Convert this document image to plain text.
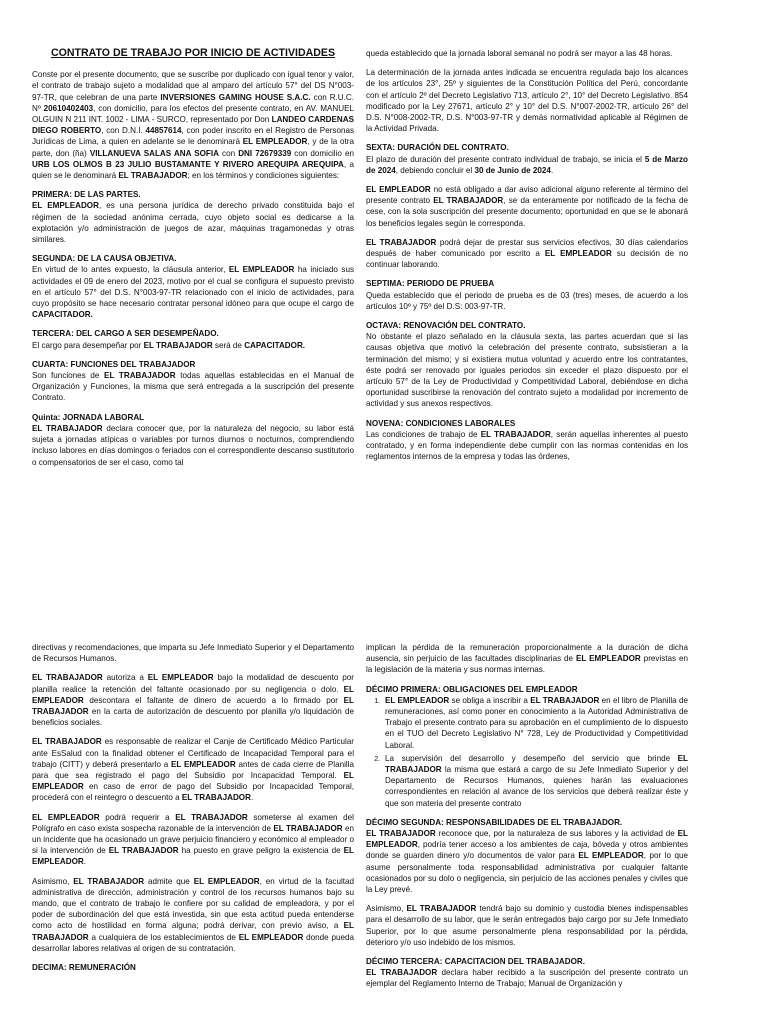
CONTRATO DE TRABAJO POR INICIO DE ACTIVIDADES

Conste por el presente documento, que se suscribe por duplicado con igual tenor y valor, el contrato de trabajo sujeto a modalidad que al amparo del artículo 57° del DS N°003-97-TR, que celebran de una parte INVERSIONES GAMING HOUSE S.A.C. con R.U.C. Nº 20610402403, con domicilio, para los efectos del presente contrato, en AV. MANUEL OLGUIN N 211 INT. 1002 - LIMA - SURCO, representado por Don LANDEO CARDENAS DIEGO ROBERTO, con D.N.I. 44857614, con poder inscrito en el Registro de Personas Jurídicas de Lima, a quien en adelante se le denominará EL EMPLEADOR, y de la otra parte, don (ña) VILLANUEVA SALAS ANA SOFIA con DNI 72679339 con domicilio en URB LOS OLMOS B 23 JULIO BUSTAMANTE Y RIVERO AREQUIPA AREQUIPA, a quien se le denominará EL TRABAJADOR; en los términos y condiciones siguientes:

PRIMERA: DE LAS PARTES.

EL EMPLEADOR, es una persona jurídica de derecho privado constituida bajo el régimen de la sociedad anónima cerrada, cuyo objeto social es dedicarse a la explotación y/o administración de juegos de azar, máquinas tragamonedas y otras similares.

SEGUNDA: DE LA CAUSA OBJETIVA.

En virtud de lo antes expuesto, la cláusula anterior, EL EMPLEADOR ha iniciado sus actividades el 09 de enero del 2023, motivo por el cual se configura el supuesto previsto en el artículo 57° del D.S. N°003-97-TR relacionado con el inicio de actividades, para cuyo propósito se hace necesario contratar personal idóneo para que ocupe el cargo de CAPACITADOR.

TERCERA: DEL CARGO A SER DESEMPEÑADO.

El cargo para desempeñar por EL TRABAJADOR será de CAPACITADOR.

CUARTA: FUNCIONES DEL TRABAJADOR

Son funciones de EL TRABAJADOR todas aquellas establecidas en el Manual de Organización y Funciones, la misma que será entregada a la suscripción del presente Contrato.

Quinta: JORNADA LABORAL

EL TRABAJADOR declara conocer que, por la naturaleza del negocio, su labor está sujeta a jornadas atípicas o variables por turnos diurnos o nocturnos, comprendiendo incluso labores en días domingos o feriados con el correspondiente descanso sustitutorio o compensatorios de ser el caso, como tal

queda establecido que la jornada laboral semanal no podrá ser mayor a las 48 horas.

La determinación de la jornada antes indicada se encuentra regulada bajo los alcances de los artículos 23°, 25º y siguientes de la Constitución Política del Perú, concordante con el artículo 2º del Decreto Legislativo 713, artículo 2°, 10° del Decreto Legislativo. 854 modificado por la Ley 27671, artículo 2° y 10° del D.S. N°007-2002-TR, artículo 26° del D.S. N°008-2002-TR, D.S. N°003-97-TR y demás normatividad aplicable al Régimen de la Actividad Privada.

SEXTA: DURACIÓN DEL CONTRATO.

El plazo de duración del presente contrato individual de trabajo, se inicia el 5 de Marzo de 2024, debiendo concluir el 30 de Junio de 2024.

EL EMPLEADOR no está obligado a dar aviso adicional alguno referente al término del presente contrato EL TRABAJADOR, se da enteramente por notificado de la fecha de cese, con la sola suscripción del presente documento; oportunidad en que se le abonará los beneficios legales según le corresponda.

EL TRABAJADOR podrá dejar de prestar sus servicios efectivos, 30 días calendarios después de haber comunicado por escrito a EL EMPLEADOR su decisión de no continuar laborando.

SEPTIMA: PERIODO DE PRUEBA

Queda establecido que el periodo de prueba es de 03 (tres) meses, de acuerdo a los artículos 10º y 75º del D.S: 003-97-TR.

OCTAVA: RENOVACIÓN DEL CONTRATO.

No obstante el plazo señalado en la cláusula sexta, las partes acuerdan que si las causas objetiva que motivó la celebración del presente contrato, subsistieran a la terminación del mismo; y si existiera mutua voluntad y acuerdo entre los contratantes, éste podrá ser renovado por iguales periodos sin exceder el plazo dispuesto por el artículo 57° de la Ley de Productividad y Competitividad Laboral, debiéndose en dicha oportunidad suscribirse la renovación del contrato sujeto a modalidad por incremento de actividad y sus anexos respectivos.

NOVENA: CONDICIONES LABORALES

Las condiciones de trabajo de EL TRABAJADOR, serán aquellas inherentes al puesto contratado, y en forma independiente debe cumplir con las normas contenidas en los reglamentos internos de la empresa y todas las órdenes,

directivas y recomendaciones, que imparta su Jefe Inmediato Superior y el Departamento de Recursos Humanos.

EL TRABAJADOR autoriza a EL EMPLEADOR bajo la modalidad de descuento por planilla realice la retención del faltante ocasionado por su negligencia o dolo. EL EMPLEADOR descontara el faltante de dinero de acuerdo a lo firmado por EL TRABAJADOR en la carta de autorización de descuento por planilla y/o liquidación de beneficios sociales.

EL TRABAJADOR es responsable de realizar el Canje de Certificado Médico Particular ante EsSalud con la finalidad obtener el Certificado de Incapacidad Temporal para el trabajo (CITT) y deberá presentarlo a EL EMPLEADOR antes de cada cierre de Planilla para que sea registrado el pago del Subsidio por Incapacidad Temporal. EL EMPLEADOR en caso de error de pago del Subsidio por Incapacidad Temporal, procederá con el reintegro o descuento a EL TRABAJADOR.

EL EMPLEADOR podrá requerir a EL TRABAJADOR someterse al examen del Polígrafo en caso exista sospecha razonable de la intervención de EL TRABAJADOR en un incidente que ha ocasionado un grave perjuicio financiero y económico al empleador o si la intervención de EL TRABAJADOR ha puesto en grave peligro la existencia de EL EMPLEADOR.

Asimismo, EL TRABAJADOR admite que EL EMPLEADOR, en virtud de la facultad administrativa de dirección, administración y control de los recursos humanos bajo su mando, que el contrato de trabajo le confiere por su calidad de empleadora, y por el poder de subordinación del que está investida, sin que esta actitud pueda entenderse como acto de hostilidad en forma alguna; podrá derivar, con previo aviso, a EL TRABAJADOR a cualquiera de los establecimientos de EL EMPLEADOR donde pueda desarrollar labores relativas al origen de su contratación.

DECIMA: REMUNERACIÓN

implican la pérdida de la remuneración proporcionalmente a la duración de dicha ausencia, sin perjuicio de las facultades disciplinarias de EL EMPLEADOR previstas en la legislación de la materia y sus normas internas.

DÉCIMO PRIMERA: OBLIGACIONES DEL EMPLEADOR
1. EL EMPLEADOR se obliga a inscribir a EL TRABAJADOR en el libro de Planilla de remuneraciones, así como poner en conocimiento a la Autoridad Administrativa de Trabajo el presente contrato para su aprobación en el cumplimiento de lo dispuesto en el TUO del Decreto Legislativo N° 728, Ley de Productividad y Competitividad Laboral.
2. La supervisión del desarrollo y desempeño del servicio que brinde EL TRABAJADOR la misma que estará a cargo de su Jefe Inmediato Superior y del Departamento de Recursos Humanos, quienes harán las evaluaciones correspondientes en relación al avance de los servicios que deberá realizar éste y que son materia del presente contrato
DÉCIMO SEGUNDA: RESPONSABILIDADES DE EL TRABAJADOR.

EL TRABAJADOR reconoce que, por la naturaleza de sus labores y la actividad de EL EMPLEADOR, podría tener acceso a los ambientes de caja, bóveda y otros ambientes donde se guarden dinero y/o documentos de valor para EL EMPLEADOR, por lo que asume personalmente toda responsabilidad administrativa por cualquier faltante ocasionados por su dolo o negligencia, sin perjuicio de las acciones penales y civiles que la Ley prevé.

Asimismo, EL TRABAJADOR tendrá bajo su dominio y custodia bienes indispensables para el desarrollo de su labor, que le serán entregados bajo cargo por su Jefe Inmediato Superior, por lo que asume personalmente plena responsabilidad por la pérdida, deterioro y/o uso indebido de los mismos.

DÉCIMO TERCERA: CAPACITACION DEL TRABAJADOR.

EL TRABAJADOR declara haber recibido a la suscripción del presente contrato un ejemplar del Reglamento Interno de Trabajo; Manual de Organización y
